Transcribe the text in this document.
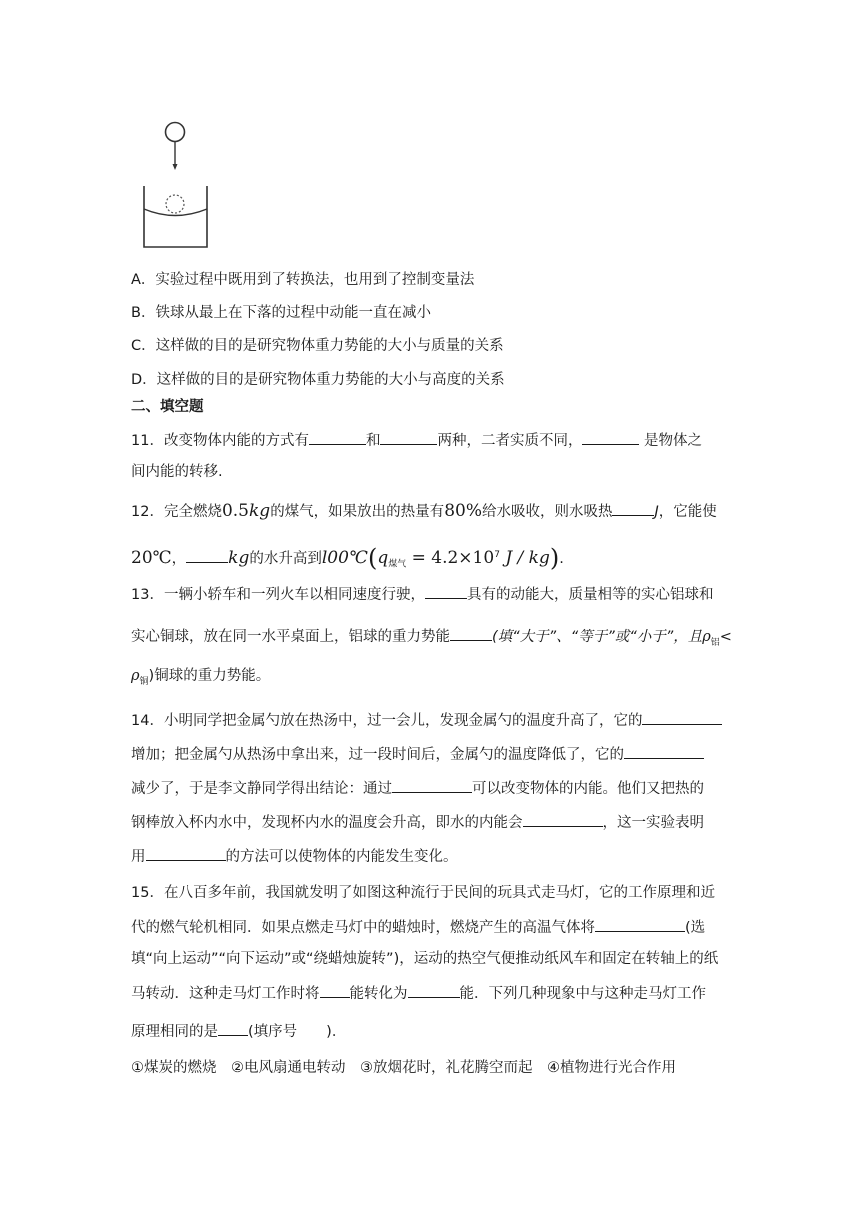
A．实验过程中既用到了转换法，也用到了控制变量法
B．铁球从最上在下落的过程中动能一直在减小
C．这样做的目的是研究物体重力势能的大小与质量的关系
D．这样做的目的是研究物体重力势能的大小与高度的关系
二、填空题
11．改变物体内能的方式有	和	两种，二者实质不同，	是物体之
间内能的转移.
12．完全燃烧0.5kg的煤气，如果放出的热量有80%给水吸收，则水吸热	J，它能使
20℃， kg的水升高到$l00℃(q_{煤气} = 4.2\times 10^7$ J / kg).
13．一辆小轿车和一列火车以相同速度行驶，	具有的动能大，质量相等的实心铝球和
实心铜球，放在同一水平桌面上，铝球的重力势能	(填“大于”、“等于”或“小于”，且$\rho_铝<$
$\rho_铜$)铜球的重力势能。
14．小明同学把金属勺放在热汤中，过一会儿，发现金属勺的温度升高了，它的
增加；把金属勺从热汤中拿出来，过一段时间后，金属勺的温度降低了，它的
减少了，于是李文静同学得出结论：通过	可以改变物体的内能。他们又把热的
钢棒放入杯内水中，发现杯内水的温度会升高，即水的内能会	，这一实验表明
用	的方法可以使物体的内能发生变化。
15．在八百多年前，我国就发明了如图这种流行于民间的玩具式走马灯，它的工作原理和近
代的燃气轮机相同．如果点燃走马灯中的蜡烛时，燃烧产生的高温气体将	(选
填“向上运动”“向下运动”或“绕蜡烛旋转”)，运动的热空气便推动纸风车和固定在转轴上的纸
马转动．这种走马灯工作时将 能转化为	能．下列几种现象中与这种走马灯工作
原理相同的是 (填序号　　)．
①煤炭的燃烧　②电风扇通电转动　③放烟花时，礼花腾空而起　④植物进行光合作用
